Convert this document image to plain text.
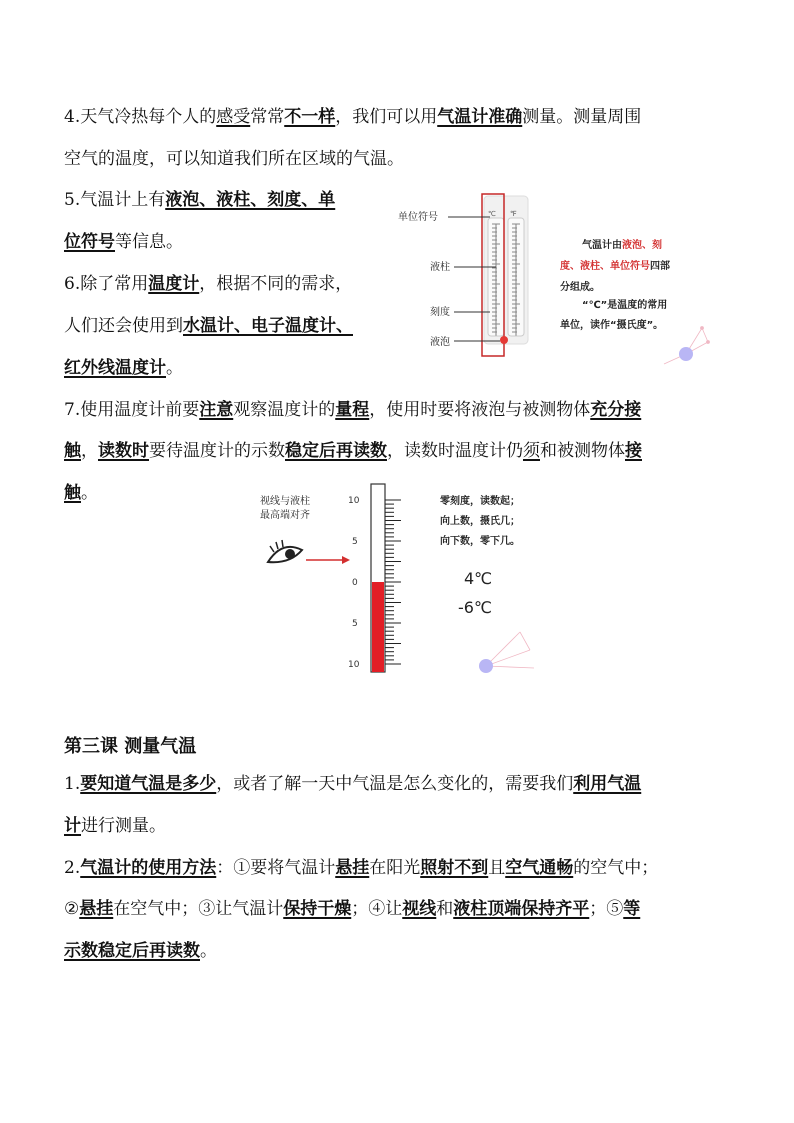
4.天气冷热每个人的感受常常不一样，我们可以用气温计准确测量。测量周围
空气的温度，可以知道我们所在区域的气温。
5.气温计上有液泡、液柱、刻度、单
位符号等信息。
6.除了常用温度计，根据不同的需求，
人们还会使用到水温计、电子温度计、
红外线温度计。
℃ ℉
单位符号
液柱
刻度
液泡
气温计由液泡、刻
度、液柱、单位符号四部
分组成。
“℃”是温度的常用
单位，读作“摄氏度”。
7.使用温度计前要注意观察温度计的量程，使用时要将液泡与被测物体充分接
触，读数时要待温度计的示数稳定后再读数，读数时温度计仍须和被测物体接
触。	视线与液柱
最高端对齐
10
5
0
5
10
零刻度，读数起；
向上数，摄氏几；
向下数，零下几。
4℃
-6℃
第三课 测量气温
1.要知道气温是多少，或者了解一天中气温是怎么变化的，需要我们利用气温
计进行测量。
2.气温计的使用方法：①要将气温计悬挂在阳光照射不到且空气通畅的空气中；
②悬挂在空气中；③让气温计保持干燥；④让视线和液柱顶端保持齐平；⑤等
示数稳定后再读数。
